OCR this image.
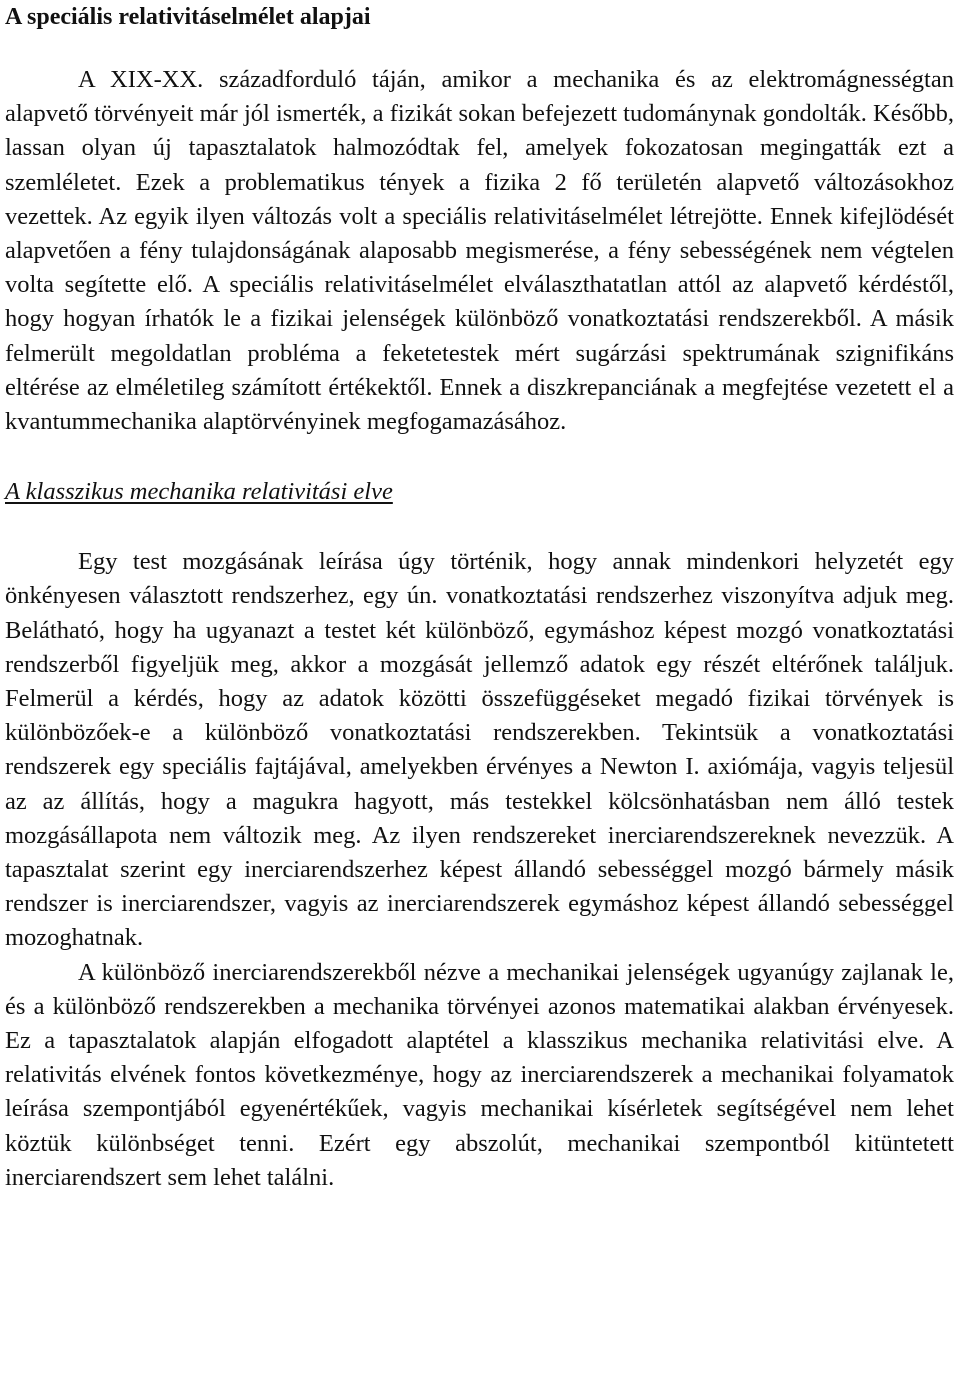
A speciális relativitáselmélet alapjai

A XIX-XX. századforduló táján, amikor a mechanika és az elektromágnességtan alapvető törvényeit már jól ismerték, a fizikát sokan befejezett tudománynak gondolták. Később, lassan olyan új tapasztalatok halmozódtak fel, amelyek fokozatosan megingatták ezt a szemléletet. Ezek a problematikus tények a fizika 2 fő területén alapvető változásokhoz vezettek. Az egyik ilyen változás volt a speciális relativitáselmélet létrejötte. Ennek kifejlödését alapvetően a fény tulajdonságának alaposabb megismerése, a fény sebességének nem végtelen volta segítette elő. A speciális relativitáselmélet elválaszthatatlan attól az alapvető kérdéstől, hogy hogyan írhatók le a fizikai jelenségek különböző vonatkoztatási rendszerekből. A másik felmerült megoldatlan probléma a feketetestek mért sugárzási spektrumának szignifikáns eltérése az elméletileg számított értékektől. Ennek a diszkrepanciának a megfejtése vezetett el a kvantummechanika alaptörvényinek megfogamazásához.

A klasszikus mechanika relativitási elve

Egy test mozgásának leírása úgy történik, hogy annak mindenkori helyzetét egy önkényesen választott rendszerhez, egy ún. vonatkoztatási rendszerhez viszonyítva adjuk meg. Belátható, hogy ha ugyanazt a testet két különböző, egymáshoz képest mozgó vonatkoztatási rendszerből figyeljük meg, akkor a mozgását jellemző adatok egy részét eltérőnek találjuk. Felmerül a kérdés, hogy az adatok közötti összefüggéseket megadó fizikai törvények is különbözőek-e a különböző vonatkoztatási rendszerekben. Tekintsük a vonatkoztatási rendszerek egy speciális fajtájával, amelyekben érvényes a Newton I. axiómája, vagyis teljesül az az állítás, hogy a magukra hagyott, más testekkel kölcsönhatásban nem álló testek mozgásállapota nem változik meg. Az ilyen rendszereket inerciarendszereknek nevezzük. A tapasztalat szerint egy inerciarendszerhez képest állandó sebességgel mozgó bármely másik rendszer is inerciarendszer, vagyis az inerciarendszerek egymáshoz képest állandó sebességgel mozoghatnak.

A különböző inerciarendszerekből nézve a mechanikai jelenségek ugyanúgy zajlanak le, és a különböző rendszerekben a mechanika törvényei azonos matematikai alakban érvényesek. Ez a tapasztalatok alapján elfogadott alaptétel a klasszikus mechanika relativitási elve. A relativitás elvének fontos következménye, hogy az inerciarendszerek a mechanikai folyamatok leírása szempontjából egyenértékűek, vagyis mechanikai kísérletek segítségével nem lehet köztük különbséget tenni. Ezért egy abszolút, mechanikai szempontból kitüntetett inerciarendszert sem lehet találni.
